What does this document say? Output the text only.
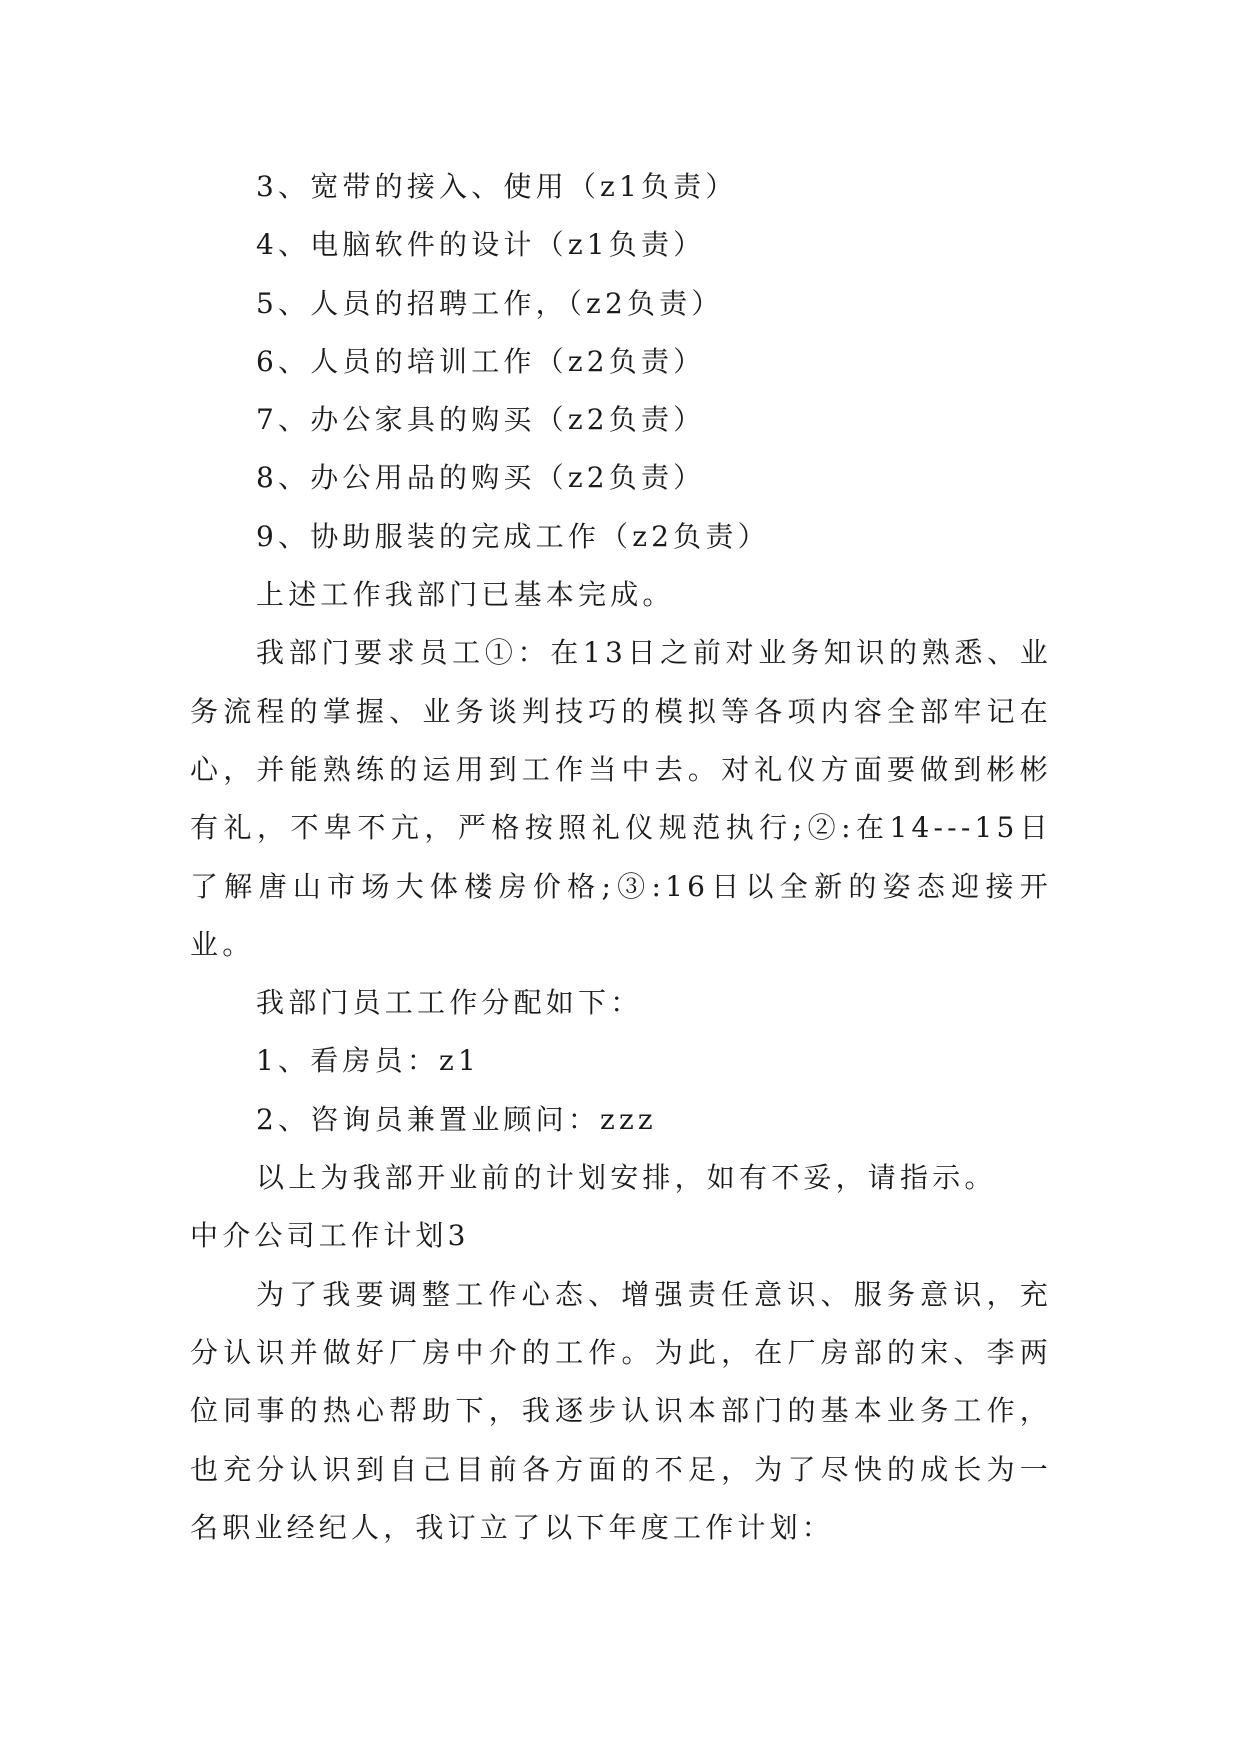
3、宽带的接入、使用（z1负责）
4、电脑软件的设计（z1负责）
5、人员的招聘工作，（z2负责）
6、人员的培训工作（z2负责）
7、办公家具的购买（z2负责）
8、办公用品的购买（z2负责）
9、协助服装的完成工作（z2负责）
上述工作我部门已基本完成。

我部门要求员工①：在13日之前对业务知识的熟悉、业务流程的掌握、业务谈判技巧的模拟等各项内容全部牢记在心，并能熟练的运用到工作当中去。对礼仪方面要做到彬彬有礼，不卑不亢，严格按照礼仪规范执行;②:在14---15日了解唐山市场大体楼房价格;③:16日以全新的姿态迎接开业。

我部门员工工作分配如下：
1、看房员：z1
2、咨询员兼置业顾问：zzz
以上为我部开业前的计划安排，如有不妥，请指示。
中介公司工作计划3

为了我要调整工作心态、增强责任意识、服务意识，充分认识并做好厂房中介的工作。为此，在厂房部的宋、李两位同事的热心帮助下，我逐步认识本部门的基本业务工作，也充分认识到自己目前各方面的不足，为了尽快的成长为一名职业经纪人，我订立了以下年度工作计划：
